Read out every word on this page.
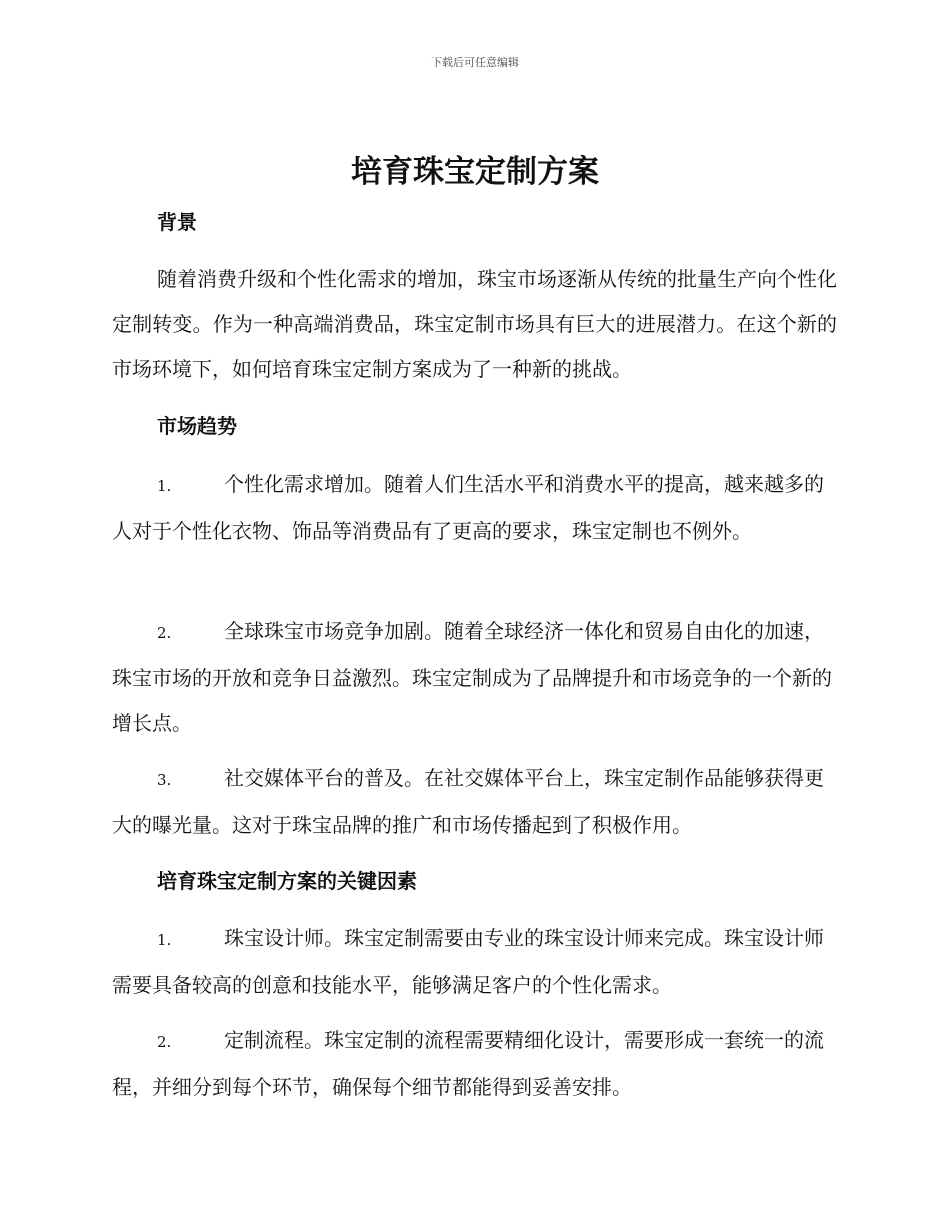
下载后可任意编辑
培育珠宝定制方案
背景

随着消费升级和个性化需求的增加，珠宝市场逐渐从传统的批量生产向个性化定制转变。作为一种高端消费品，珠宝定制市场具有巨大的进展潜力。在这个新的市场环境下，如何培育珠宝定制方案成为了一种新的挑战。

市场趋势

1.	个性化需求增加。随着人们生活水平和消费水平的提高，越来越多的人对于个性化衣物、饰品等消费品有了更高的要求，珠宝定制也不例外。

2.	全球珠宝市场竞争加剧。随着全球经济一体化和贸易自由化的加速，珠宝市场的开放和竞争日益激烈。珠宝定制成为了品牌提升和市场竞争的一个新的增长点。

3.	社交媒体平台的普及。在社交媒体平台上，珠宝定制作品能够获得更大的曝光量。这对于珠宝品牌的推广和市场传播起到了积极作用。

培育珠宝定制方案的关键因素

1.	珠宝设计师。珠宝定制需要由专业的珠宝设计师来完成。珠宝设计师需要具备较高的创意和技能水平，能够满足客户的个性化需求。

2.	定制流程。珠宝定制的流程需要精细化设计，需要形成一套统一的流程，并细分到每个环节，确保每个细节都能得到妥善安排。
